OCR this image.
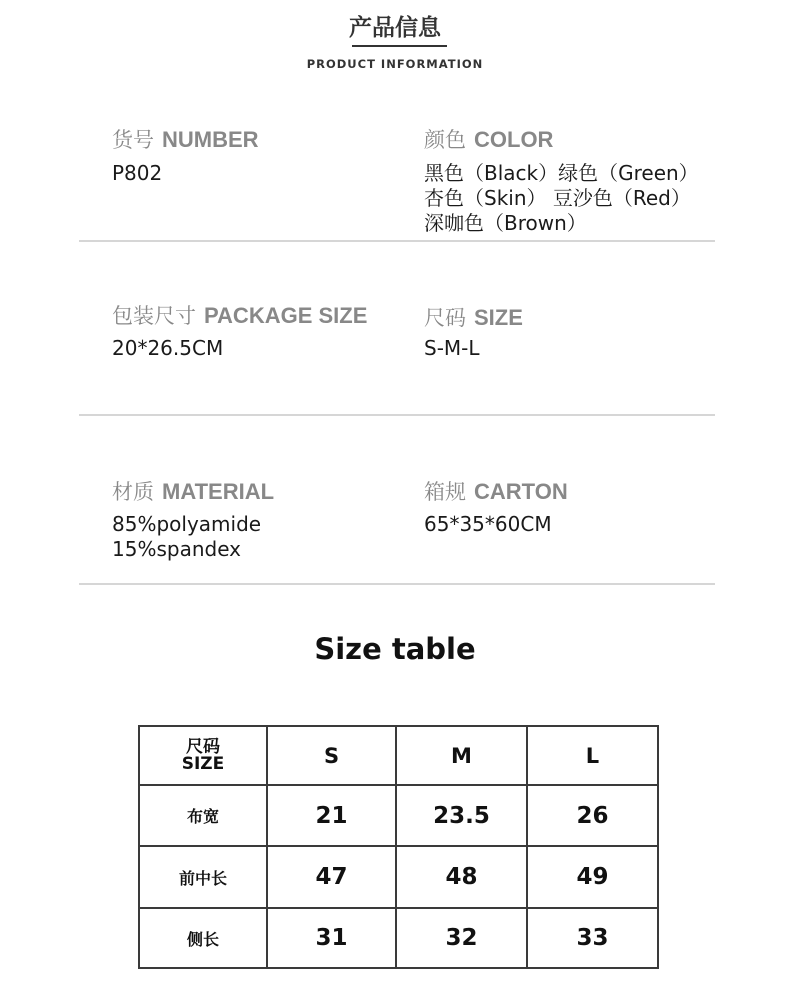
产品信息
PRODUCT INFORMATION
货号 NUMBER
P802
颜色 COLOR
黑色（Black）绿色（Green）
杏色（Skin） 豆沙色（Red）
深咖色（Brown）
包装尺寸 PACKAGE SIZE
20*26.5CM
尺码 SIZE
S-M-L
材质 MATERIAL
85%polyamide
15%spandex
箱规 CARTON
65*35*60CM
Size table
尺码
SIZE	S	M	L
布宽	21	23.5	26
前中长	47	48	49
侧长	31	32	33
